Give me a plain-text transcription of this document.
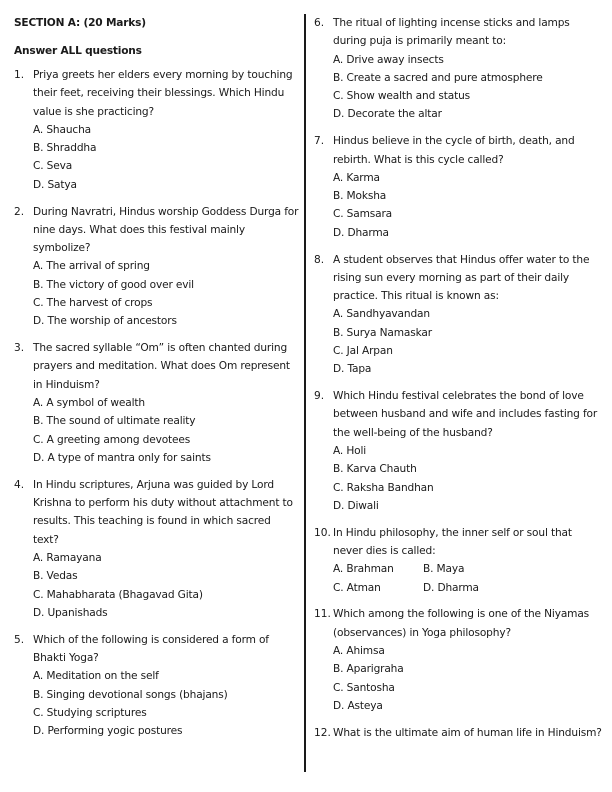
SECTION A: (20 Marks)
Answer ALL questions
1. Priya greets her elders every morning by touching their feet, receiving their blessings. Which Hindu value is she practicing?
A. Shaucha
B. Shraddha
C. Seva
D. Satya
2. During Navratri, Hindus worship Goddess Durga for nine days. What does this festival mainly symbolize?
A. The arrival of spring
B. The victory of good over evil
C. The harvest of crops
D. The worship of ancestors
3. The sacred syllable “Om” is often chanted during prayers and meditation. What does Om represent in Hinduism?
A. A symbol of wealth
B. The sound of ultimate reality
C. A greeting among devotees
D. A type of mantra only for saints
4. In Hindu scriptures, Arjuna was guided by Lord Krishna to perform his duty without attachment to results. This teaching is found in which sacred text?
A. Ramayana
B. Vedas
C. Mahabharata (Bhagavad Gita)
D. Upanishads
5. Which of the following is considered a form of Bhakti Yoga?
A. Meditation on the self
B. Singing devotional songs (bhajans)
C. Studying scriptures
D. Performing yogic postures
6. The ritual of lighting incense sticks and lamps during puja is primarily meant to:
A. Drive away insects
B. Create a sacred and pure atmosphere
C. Show wealth and status
D. Decorate the altar
7. Hindus believe in the cycle of birth, death, and rebirth. What is this cycle called?
A. Karma
B. Moksha
C. Samsara
D. Dharma
8. A student observes that Hindus offer water to the rising sun every morning as part of their daily practice. This ritual is known as:
A. Sandhyavandan
B. Surya Namaskar
C. Jal Arpan
D. Tapa
9. Which Hindu festival celebrates the bond of love between husband and wife and includes fasting for the well-being of the husband?
A. Holi
B. Karva Chauth
C. Raksha Bandhan
D. Diwali
10. In Hindu philosophy, the inner self or soul that never dies is called:
A. Brahman	B. Maya
C. Atman	D. Dharma
11. Which among the following is one of the Niyamas (observances) in Yoga philosophy?
A. Ahimsa
B. Aparigraha
C. Santosha
D. Asteya
12. What is the ultimate aim of human life in Hinduism?
